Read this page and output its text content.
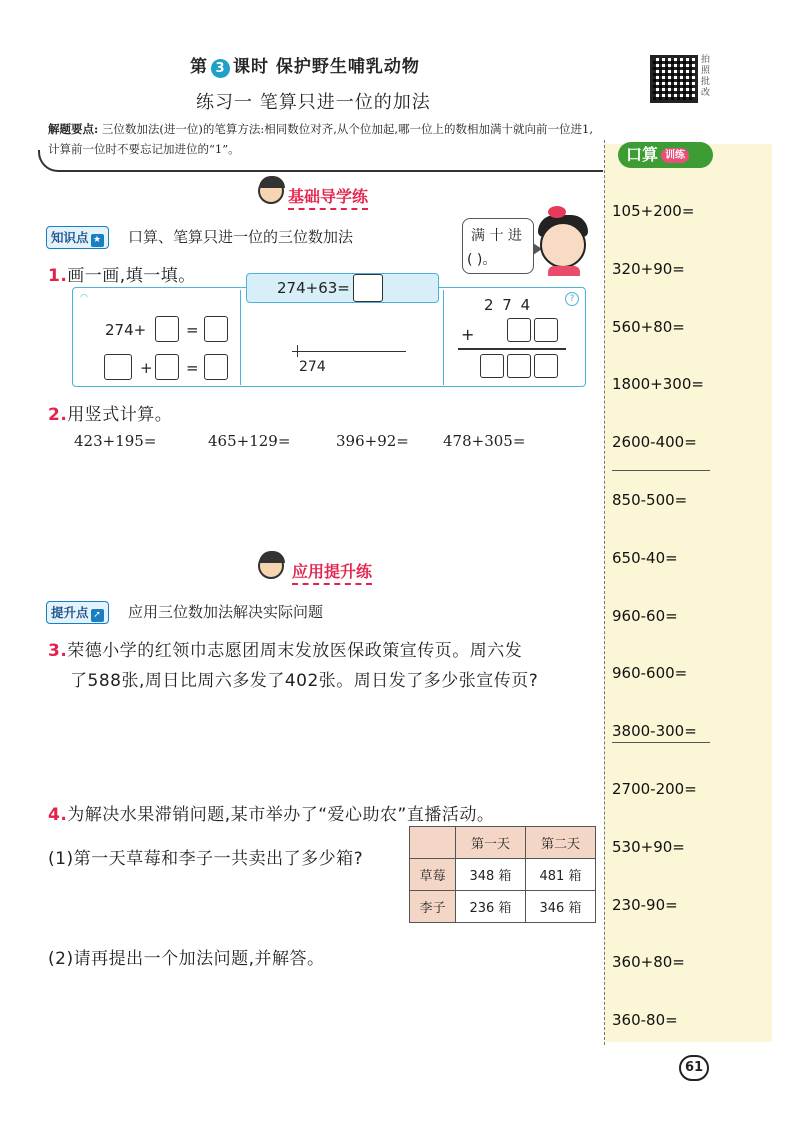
第 3 课时 保护野生哺乳动物
练习一 笔算只进一位的加法
拍照批改
解题要点: 三位数加法(进一位)的笔算方法:相同数位对齐,从个位加起,哪一位上的数相加满十就向前一位进1,计算前一位时不要忘记加进位的“1”。	口算 训练
105+200=
320+90=
560+80=
1800+300=
2600-400=
850-500=
650-40=
960-60=
960-600=
3800-300=
2700-200=
530+90=
230-90=
360+80=
360-80=
基础导学练
知识点 ★	口算、笔算只进一位的三位数加法	满 十 进
( )。
1.画一画,填一填。
274+63=
◠	?
274+	=
+ =	274
2 7 4
+
2.用竖式计算。
423+195=	465+129=	396+92= 478+305=
应用提升练
提升点 ➚	应用三位数加法解决实际问题
3.荣德小学的红领巾志愿团周末发放医保政策宣传页。周六发
了588张,周日比周六多发了402张。周日发了多少张宣传页?
4.为解决水果滞销问题,某市举办了“爱心助农”直播活动。
(1)第一天草莓和李子一共卖出了多少箱?
	第一天	第二天
草莓	348 箱	481 箱
李子	236 箱	346 箱
(2)请再提出一个加法问题,并解答。
61
